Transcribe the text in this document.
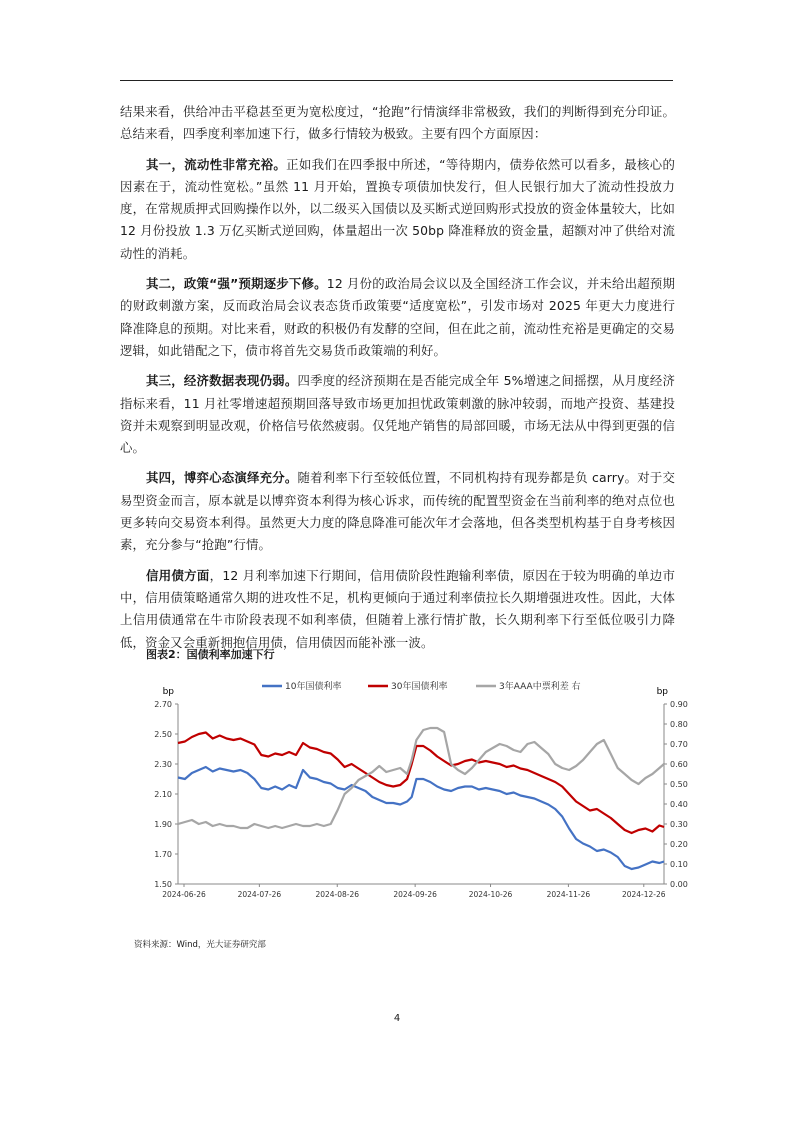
结果来看，供给冲击平稳甚至更为宽松度过，“抢跑”行情演绎非常极致，我们的判断得到充分印证。总结来看，四季度利率加速下行，做多行情较为极致。主要有四个方面原因：

其一，流动性非常充裕。正如我们在四季报中所述，“等待期内，债券依然可以看多，最核心的因素在于，流动性宽松。”虽然 11 月开始，置换专项债加快发行，但人民银行加大了流动性投放力度，在常规质押式回购操作以外，以二级买入国债以及买断式逆回购形式投放的资金体量较大，比如 12 月份投放 1.3 万亿买断式逆回购，体量超出一次 50bp 降准释放的资金量，超额对冲了供给对流动性的消耗。

其二，政策“强”预期逐步下修。12 月份的政治局会议以及全国经济工作会议，并未给出超预期的财政刺激方案，反而政治局会议表态货币政策要“适度宽松”，引发市场对 2025 年更大力度进行降准降息的预期。对比来看，财政的积极仍有发酵的空间，但在此之前，流动性充裕是更确定的交易逻辑，如此错配之下，债市将首先交易货币政策端的利好。

其三，经济数据表现仍弱。四季度的经济预期在是否能完成全年 5%增速之间摇摆，从月度经济指标来看，11 月社零增速超预期回落导致市场更加担忧政策刺激的脉冲较弱，而地产投资、基建投资并未观察到明显改观，价格信号依然疲弱。仅凭地产销售的局部回暖，市场无法从中得到更强的信心。

其四，博弈心态演绎充分。随着利率下行至较低位置，不同机构持有现券都是负 carry。对于交易型资金而言，原本就是以博弈资本利得为核心诉求，而传统的配置型资金在当前利率的绝对点位也更多转向交易资本利得。虽然更大力度的降息降准可能次年才会落地，但各类型机构基于自身考核因素，充分参与“抢跑”行情。

信用债方面，12 月利率加速下行期间，信用债阶段性跑输利率债，原因在于较为明确的单边市中，信用债策略通常久期的进攻性不足，机构更倾向于通过利率债拉长久期增强进攻性。因此，大体上信用债通常在牛市阶段表现不如利率债，但随着上涨行情扩散，长久期利率下行至低位吸引力降低，资金又会重新拥抱信用债，信用债因而能补涨一波。

图表2：国债利率加速下行
bp	bp
1.50
1.70
1.90
2.10
2.30
2.50
2.70
0.00
0.10
0.20
0.30
0.40
0.50
0.60
0.70
0.80
0.90
2024-06-26	2024-07-26	2024-08-26	2024-09-26	2024-10-26	2024-11-26	2024-12-26
10年国债利率	30年国债利率	3年AAA中票利差 右
资料来源：Wind，光大证券研究部
4
